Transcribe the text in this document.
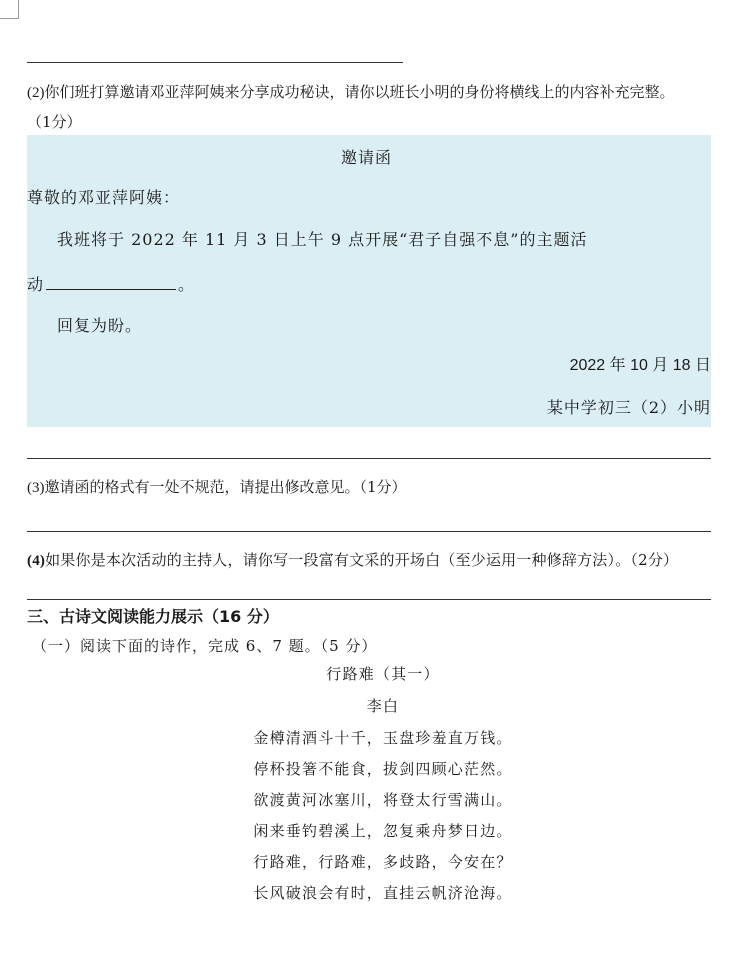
(2)你们班打算邀请邓亚萍阿姨来分享成功秘诀，请你以班长小明的身份将横线上的内容补充完整。
（1分）
邀请函
尊敬的邓亚萍阿姨：
我班将于 2022 年 11 月 3 日上午 9 点开展“君子自强不息”的主题活
动	。
回复为盼。
2022 年 10 月 18 日
某中学初三（2）小明
(3)邀请函的格式有一处不规范，请提出修改意见。（1分）
(4)如果你是本次活动的主持人，请你写一段富有文采的开场白（至少运用一种修辞方法）。（2分）
三、古诗文阅读能力展示（16 分）
（一）阅读下面的诗作，完成 6、7 题。（5 分）
行路难（其一）
李白
金樽清酒斗十千，玉盘珍羞直万钱。
停杯投箸不能食，拔剑四顾心茫然。
欲渡黄河冰塞川，将登太行雪满山。
闲来垂钓碧溪上，忽复乘舟梦日边。
行路难，行路难，多歧路，今安在？
长风破浪会有时，直挂云帆济沧海。
